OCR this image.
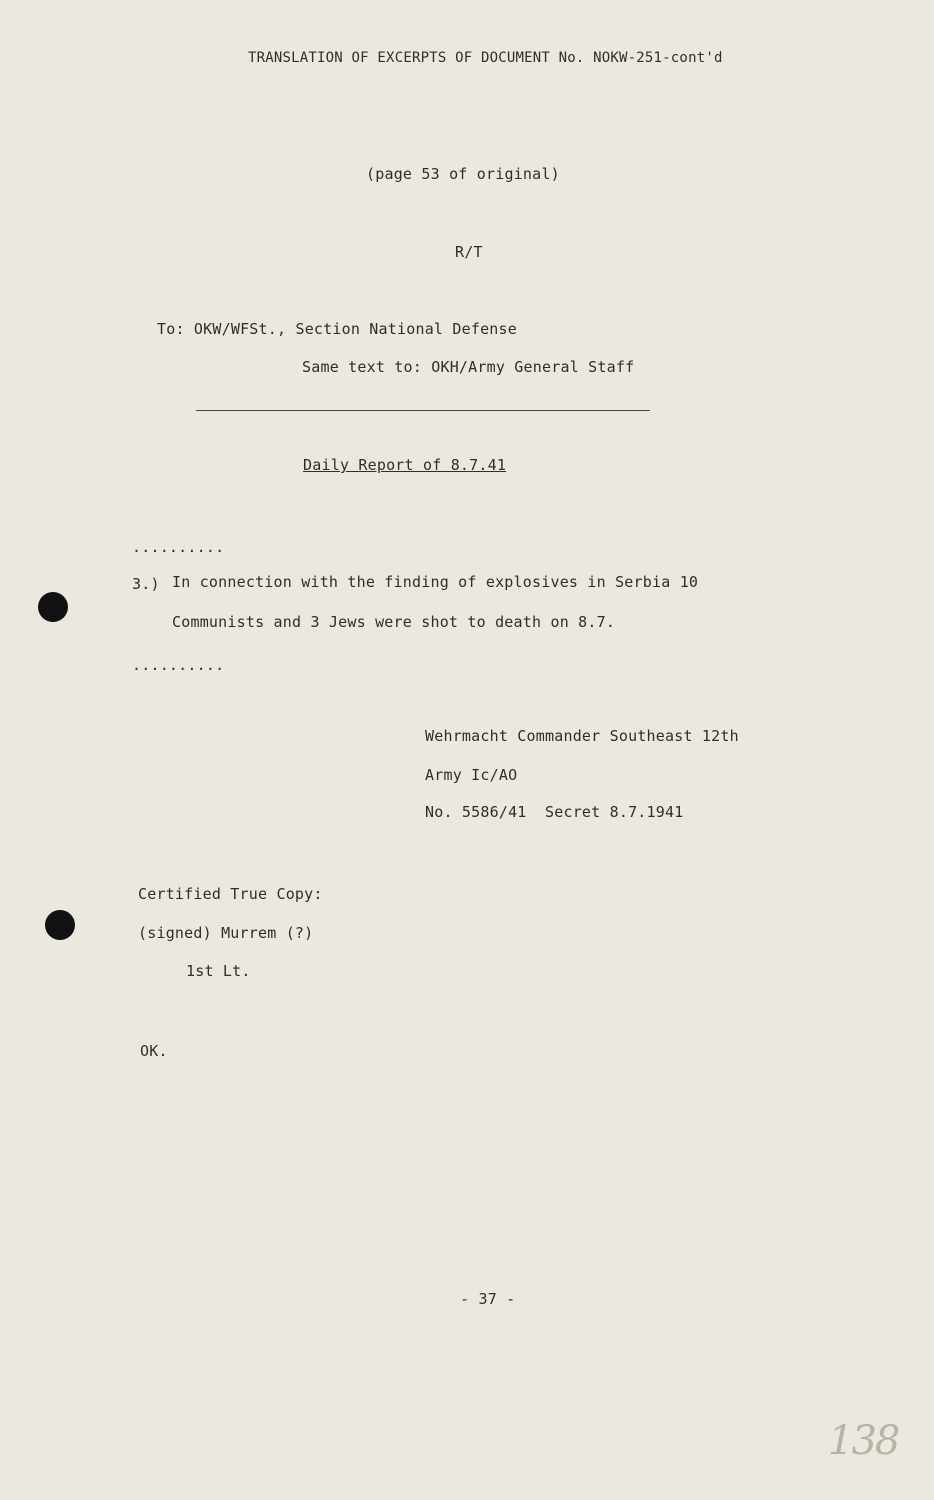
TRANSLATION OF EXCERPTS OF DOCUMENT No. NOKW-251-cont'd
(page 53 of original)
R/T
To: OKW/WFSt., Section National Defense
Same text to: OKH/Army General Staff
Daily Report of 8.7.41
..........
3.) In connection with the finding of explosives in Serbia 10
Communists and 3 Jews were shot to death on 8.7.
..........
Wehrmacht Commander Southeast 12th
Army Ic/AO
No. 5586/41  Secret 8.7.1941
Certified True Copy:
(signed) Murrem (?)
1st Lt.
OK.
- 37 -
138
